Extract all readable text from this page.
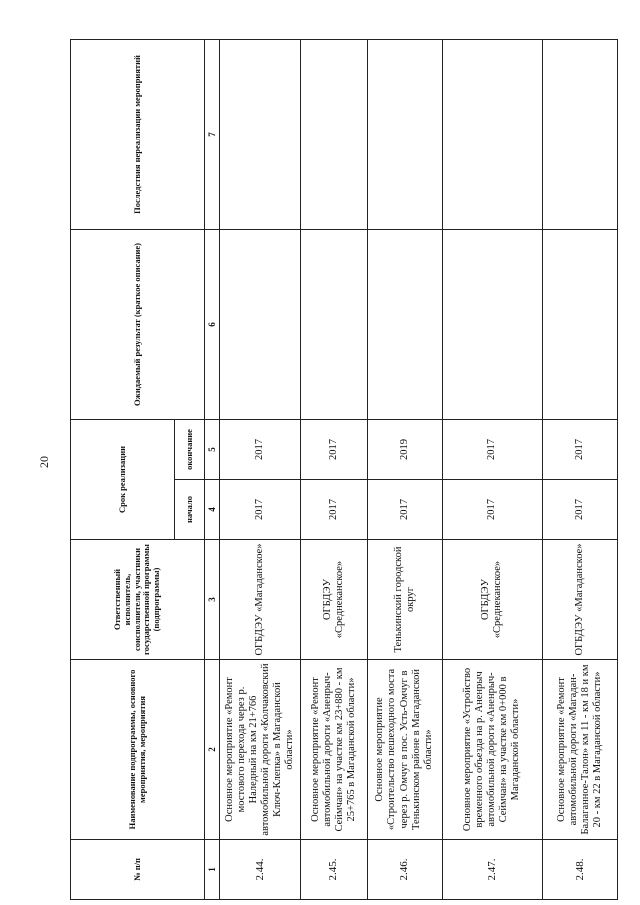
20
№ п/п	Наименование подпрограммы, основного мероприятия, мероприятия	Ответственный исполнитель, соисполнители, участники государственной программы (подпрограммы)	Срок реализации		Ожидаемый результат (краткое описание)	Последствия нереализации мероприятий
			начало	окончание		
1	2	3	4	5	6	7
2.44.	Основное мероприятие «Ремонт мостового перехода через р. Наледный на км 21+766 автомобильной дороги «Колчаковский Ключ-Клепка» в Магаданской области»	ОГБДЭУ «Магаданское»	2017	2017		
2.45.	Основное мероприятие «Ремонт автомобильной дороги «Аненрыч-Сеймчан» на участке км 23+880 - км 25+765 в Магаданской области»	ОГБДЭУ «Среднеканское»	2017	2017		
2.46.	Основное мероприятие «Строительство пешеходного моста через р. Омчуг в пос. Усть-Омчуг в Тенькинском районе в Магаданской области»	Тенькинский городской округ	2017	2019		
2.47.	Основное мероприятие «Устройство временного объезда на р. Аненрыч автомобильной дороги «Аненрыч-Сеймчан» на участке км 0+000 в Магаданской области»	ОГБДЭУ «Среднеканское»	2017	2017		
2.48.	Основное мероприятие «Ремонт автомобильной дороги «Магадан-Балаганное-Талон» км 11 - км 18 и км 20 - км 22 в Магаданской области»	ОГБДЭУ «Магаданское»	2017	2017		
